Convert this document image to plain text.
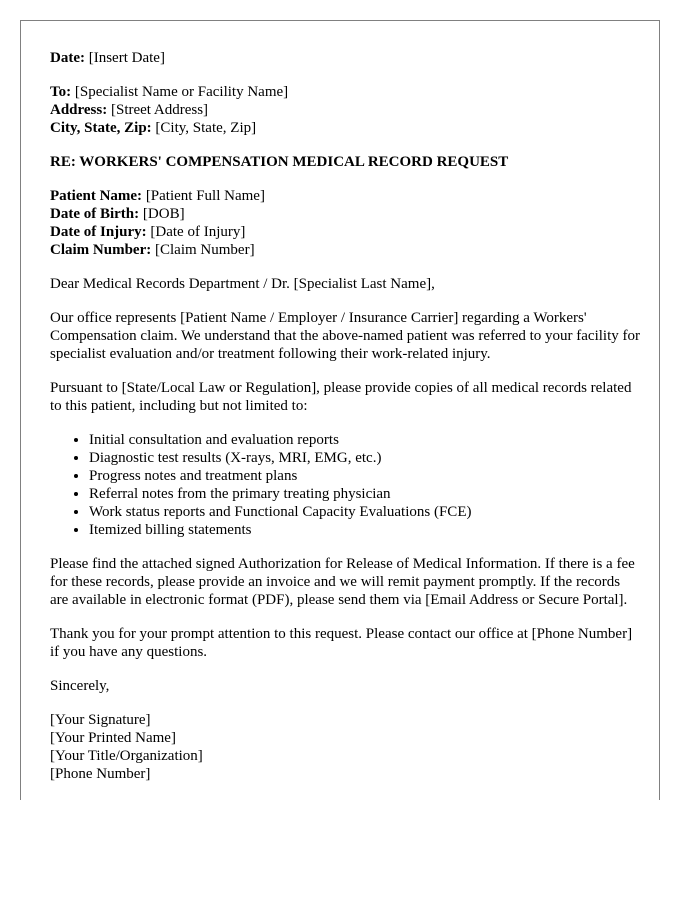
Date: [Insert Date]
To: [Specialist Name or Facility Name]
Address: [Street Address]
City, State, Zip: [City, State, Zip]
RE: WORKERS' COMPENSATION MEDICAL RECORD REQUEST
Patient Name: [Patient Full Name]
Date of Birth: [DOB]
Date of Injury: [Date of Injury]
Claim Number: [Claim Number]

Dear Medical Records Department / Dr. [Specialist Last Name],

Our office represents [Patient Name / Employer / Insurance Carrier] regarding a Workers' Compensation claim. We understand that the above-named patient was referred to your facility for specialist evaluation and/or treatment following their work-related injury.

Pursuant to [State/Local Law or Regulation], please provide copies of all medical records related to this patient, including but not limited to:

• Initial consultation and evaluation reports
• Diagnostic test results (X-rays, MRI, EMG, etc.)
• Progress notes and treatment plans
• Referral notes from the primary treating physician
• Work status reports and Functional Capacity Evaluations (FCE)
• Itemized billing statements

Please find the attached signed Authorization for Release of Medical Information. If there is a fee for these records, please provide an invoice and we will remit payment promptly. If the records are available in electronic format (PDF), please send them via [Email Address or Secure Portal].

Thank you for your prompt attention to this request. Please contact our office at [Phone Number] if you have any questions.

Sincerely,

[Your Signature]
[Your Printed Name]
[Your Title/Organization]
[Phone Number]
